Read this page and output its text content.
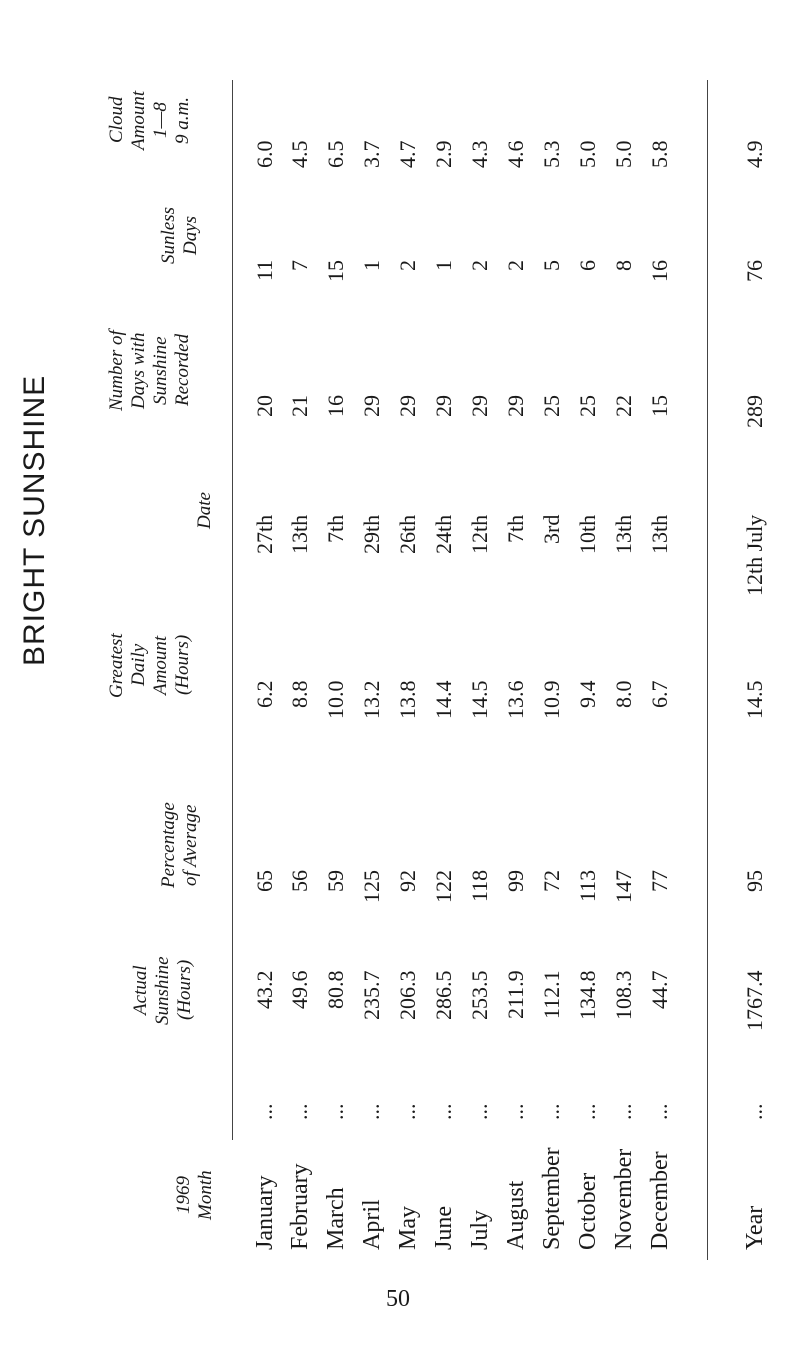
January
...
43.2
65
6.2
27th
20
11
6.0
February
...
49.6
56
8.8
13th
21
7
4.5
March
...
80.8
59
10.0
7th
16
15
6.5
April
...
235.7
125
13.2
29th
29
1
3.7
May
...
206.3
92
13.8
26th
29
2
4.7
June
...
286.5
122
14.4
24th
29
1
2.9
July
...
253.5
118
14.5
12th
29
2
4.3
August
...
211.9
99
13.6
7th
29
2
4.6
September
...
112.1
72
10.9
3rd
25
5
5.3
October
...
134.8
113
9.4
10th
25
6
5.0
November
...
108.3
147
8.0
13th
22
8
5.0
December
...
44.7
77
6.7
13th
15
16
5.8
Year
...
1767.4
95
14.5
12th July
289
76
4.9
1969 Month
Actual Sunshine (Hours)
Percentage of Average
Greatest Daily Amount (Hours)
Date
Number of Days with Sunshine Recorded
Sunless Days
Cloud Amount 1—8 9 a.m.
50
BRIGHT SUNSHINE
